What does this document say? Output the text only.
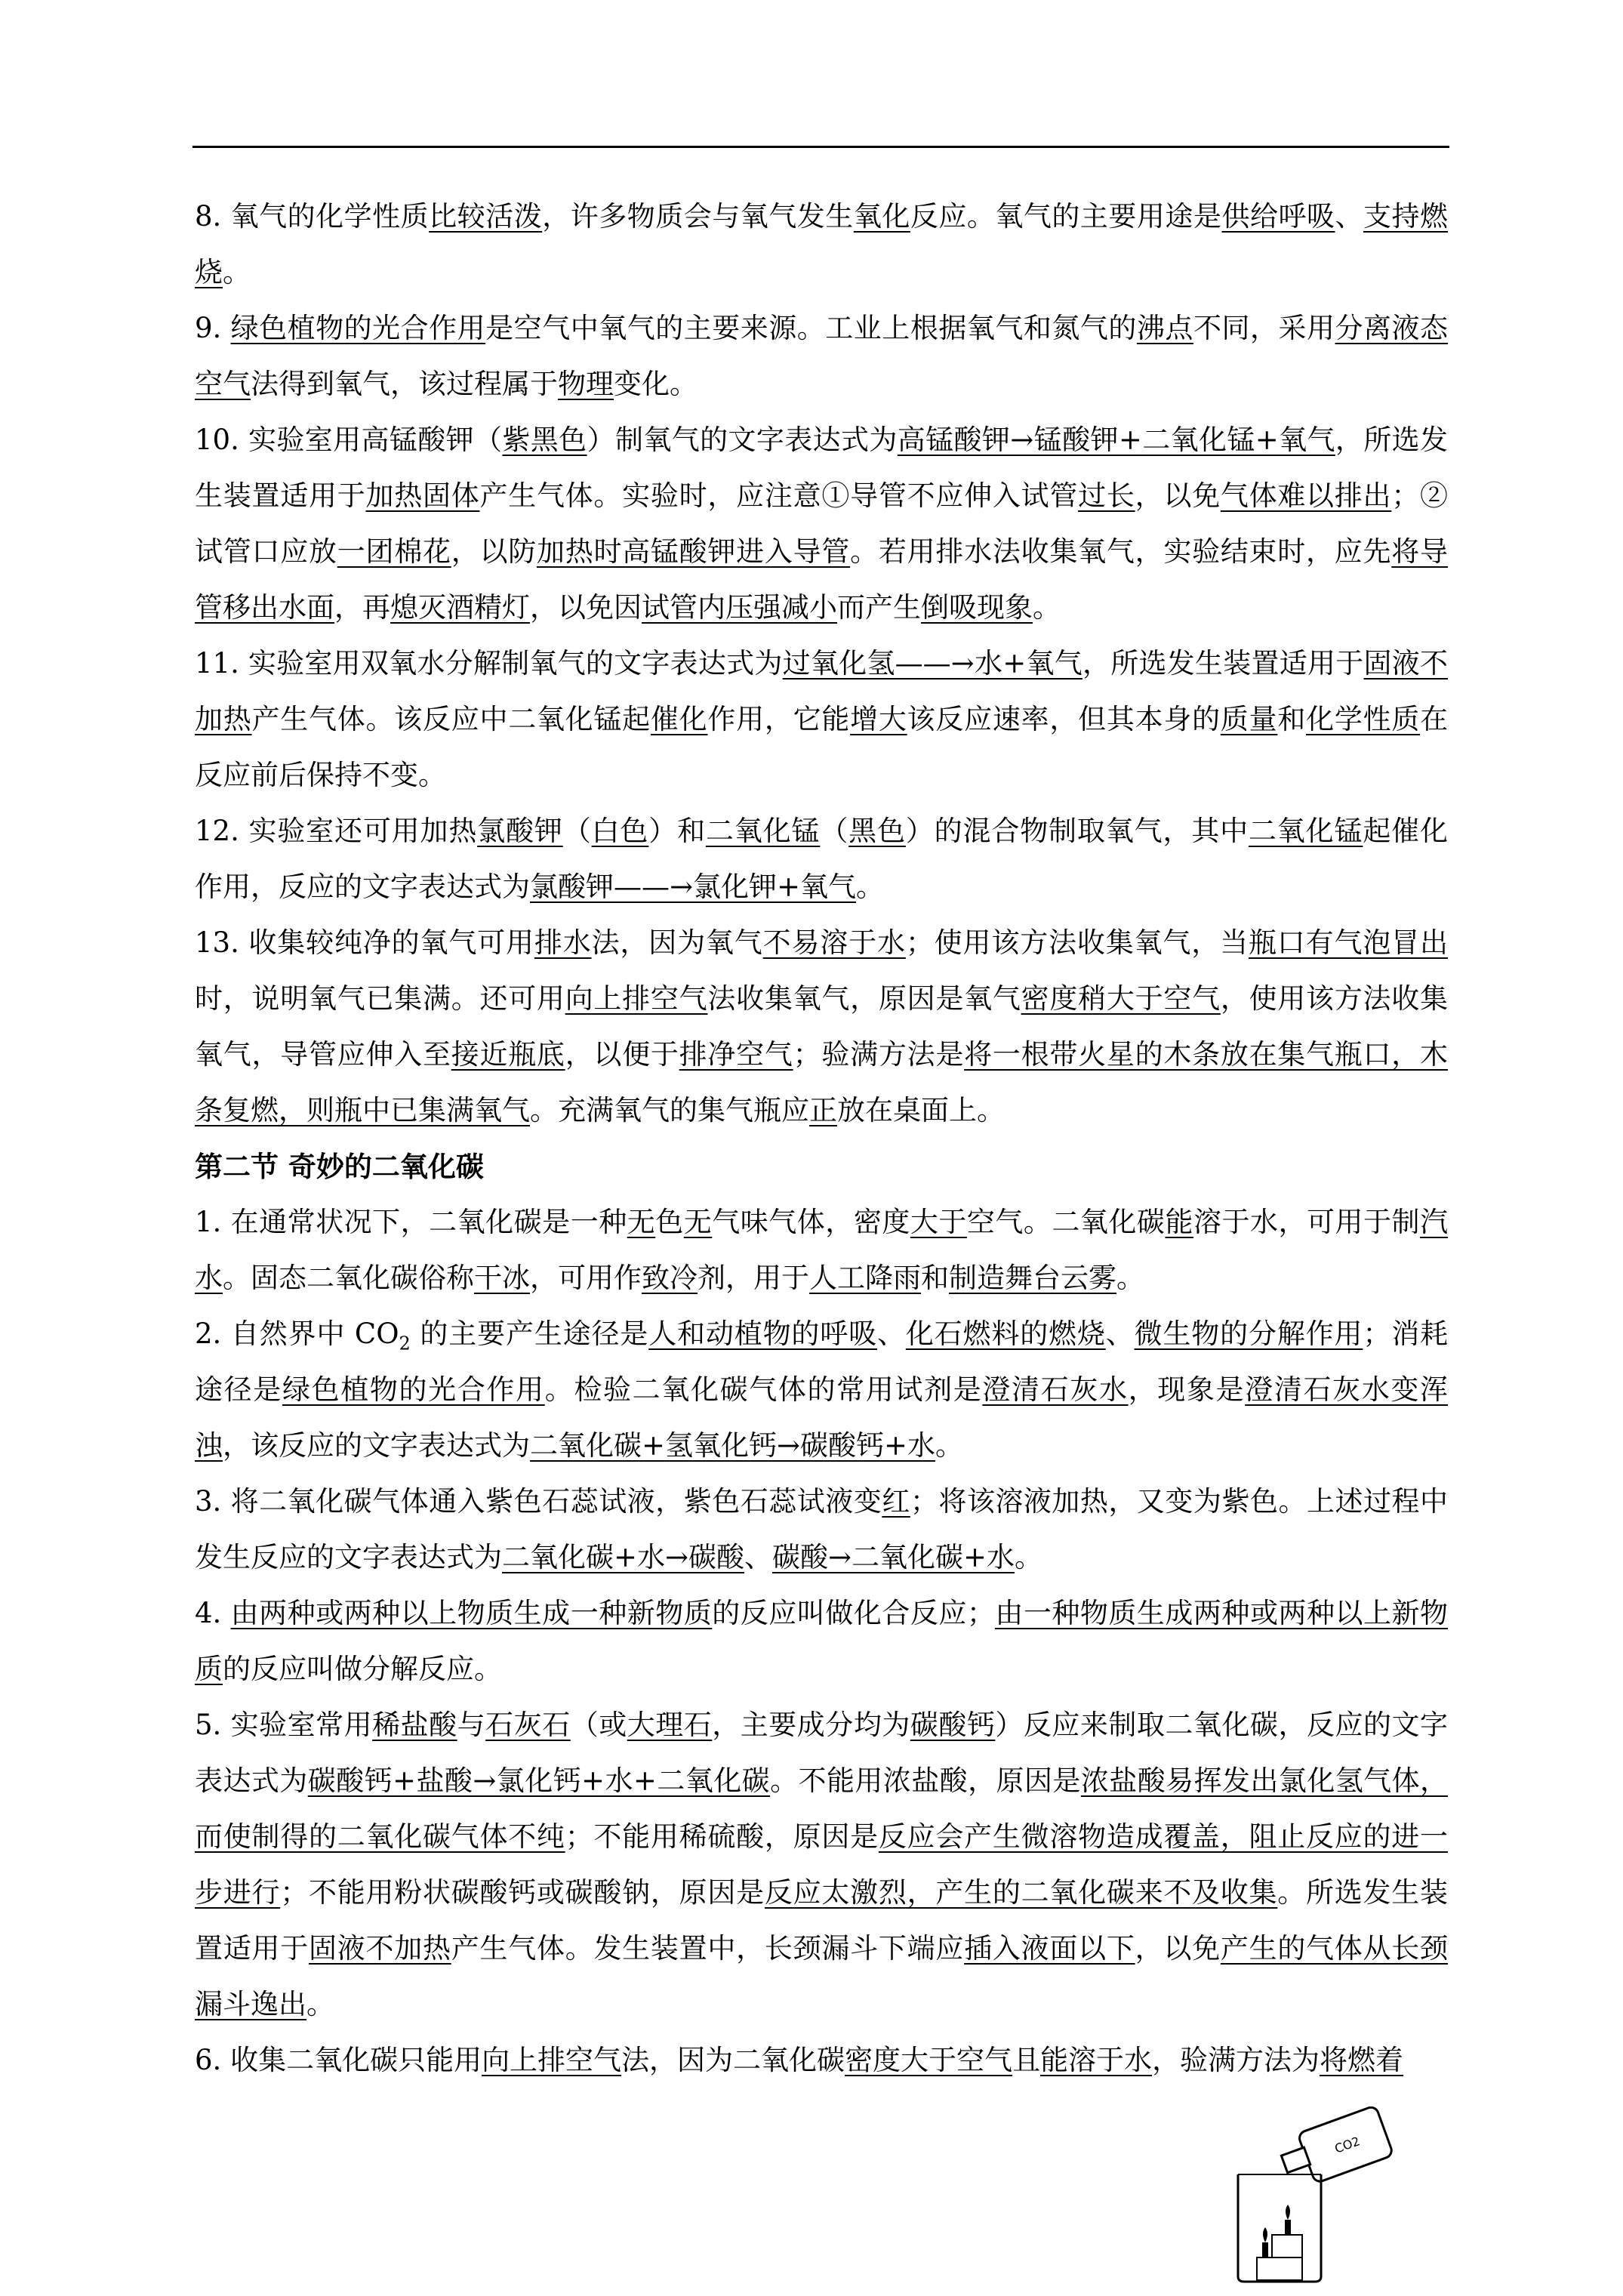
8. 氧气的化学性质比较活泼，许多物质会与氧气发生氧化反应。氧气的主要用途是供给呼吸、支持燃烧。

9. 绿色植物的光合作用是空气中氧气的主要来源。工业上根据氧气和氮气的沸点不同，采用分离液态空气法得到氧气，该过程属于物理变化。

10. 实验室用高锰酸钾（紫黑色）制氧气的文字表达式为高锰酸钾→锰酸钾+二氧化锰+氧气，所选发生装置适用于加热固体产生气体。实验时，应注意①导管不应伸入试管过长，以免气体难以排出；②试管口应放一团棉花，以防加热时高锰酸钾进入导管。若用排水法收集氧气，实验结束时，应先将导管移出水面，再熄灭酒精灯，以免因试管内压强减小而产生倒吸现象。

11. 实验室用双氧水分解制氧气的文字表达式为过氧化氢——→水+氧气，所选发生装置适用于固液不加热产生气体。该反应中二氧化锰起催化作用，它能增大该反应速率，但其本身的质量和化学性质在反应前后保持不变。

12. 实验室还可用加热氯酸钾（白色）和二氧化锰（黑色）的混合物制取氧气，其中二氧化锰起催化作用，反应的文字表达式为氯酸钾——→氯化钾+氧气。

13. 收集较纯净的氧气可用排水法，因为氧气不易溶于水；使用该方法收集氧气，当瓶口有气泡冒出时，说明氧气已集满。还可用向上排空气法收集氧气，原因是氧气密度稍大于空气，使用该方法收集氧气，导管应伸入至接近瓶底，以便于排净空气；验满方法是将一根带火星的木条放在集气瓶口，木条复燃，则瓶中已集满氧气。充满氧气的集气瓶应正放在桌面上。

第二节 奇妙的二氧化碳

1. 在通常状况下，二氧化碳是一种无色无气味气体，密度大于空气。二氧化碳能溶于水，可用于制汽水。固态二氧化碳俗称干冰，可用作致冷剂，用于人工降雨和制造舞台云雾。

2. 自然界中 $CO_2$ 的主要产生途径是人和动植物的呼吸、化石燃料的燃烧、微生物的分解作用；消耗途径是绿色植物的光合作用。检验二氧化碳气体的常用试剂是澄清石灰水，现象是澄清石灰水变浑浊，该反应的文字表达式为二氧化碳+氢氧化钙→碳酸钙+水。

3. 将二氧化碳气体通入紫色石蕊试液，紫色石蕊试液变红；将该溶液加热，又变为紫色。上述过程中发生反应的文字表达式为二氧化碳+水→碳酸、碳酸→二氧化碳+水。

4. 由两种或两种以上物质生成一种新物质的反应叫做化合反应；由一种物质生成两种或两种以上新物质的反应叫做分解反应。

5. 实验室常用稀盐酸与石灰石（或大理石，主要成分均为碳酸钙）反应来制取二氧化碳，反应的文字表达式为碳酸钙+盐酸→氯化钙+水+二氧化碳。不能用浓盐酸，原因是浓盐酸易挥发出氯化氢气体，而使制得的二氧化碳气体不纯；不能用稀硫酸，原因是反应会产生微溶物造成覆盖，阻止反应的进一步进行；不能用粉状碳酸钙或碳酸钠，原因是反应太激烈，产生的二氧化碳来不及收集。所选发生装置适用于固液不加热产生气体。发生装置中，长颈漏斗下端应插入液面以下，以免产生的气体从长颈漏斗逸出。

6. 收集二氧化碳只能用向上排空气法，因为二氧化碳密度大于空气且能溶于水，验满方法为将燃着

CO2
